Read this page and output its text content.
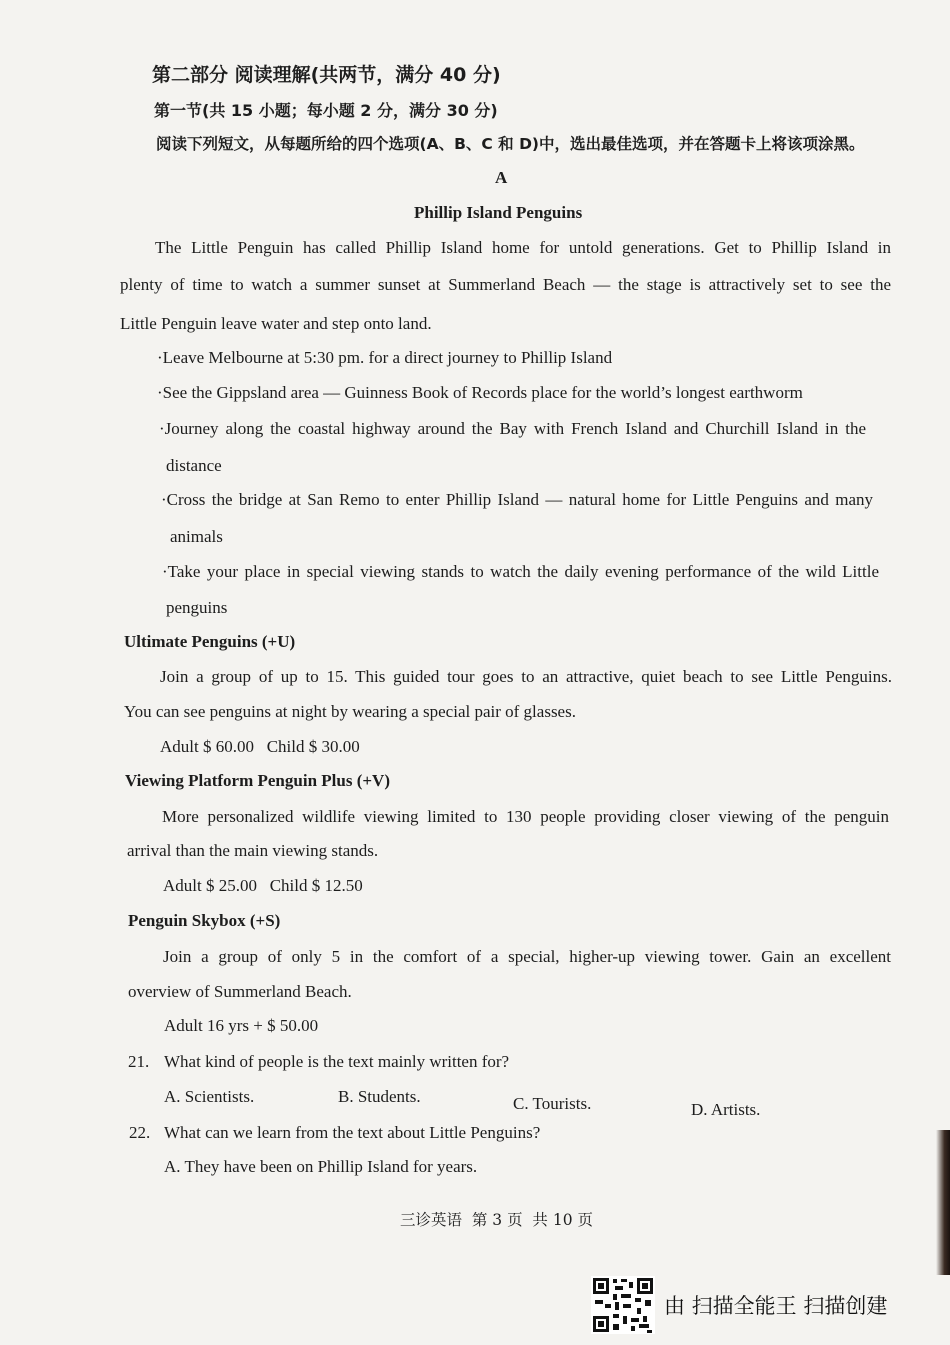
第二部分 阅读理解(共两节，满分 40 分)
第一节(共 15 小题；每小题 2 分，满分 30 分)
阅读下列短文，从每题所给的四个选项(A、B、C 和 D)中，选出最佳选项，并在答题卡上将该项涂黑。
A
Phillip Island Penguins
The Little Penguin has called Phillip Island home for untold generations. Get to Phillip Island in
plenty of time to watch a summer sunset at Summerland Beach — the stage is attractively set to see the
Little Penguin leave water and step onto land.
·Leave Melbourne at 5:30 pm. for a direct journey to Phillip Island
·See the Gippsland area — Guinness Book of Records place for the world’s longest earthworm
·Journey along the coastal highway around the Bay with French Island and Churchill Island in the
distance
·Cross the bridge at San Remo to enter Phillip Island — natural home for Little Penguins and many
animals
·Take your place in special viewing stands to watch the daily evening performance of the wild Little
penguins
Ultimate Penguins (+U)
Join a group of up to 15. This guided tour goes to an attractive, quiet beach to see Little Penguins.
You can see penguins at night by wearing a special pair of glasses.
Adult $ 60.00   Child $ 30.00
Viewing Platform Penguin Plus (+V)
More personalized wildlife viewing limited to 130 people providing closer viewing of the penguin
arrival than the main viewing stands.
Adult $ 25.00   Child $ 12.50
Penguin Skybox (+S)
Join a group of only 5 in the comfort of a special, higher-up viewing tower. Gain an excellent
overview of Summerland Beach.
Adult 16 yrs + $ 50.00
21. What kind of people is the text mainly written for?
A. Scientists.	B. Students.	C. Tourists.	D. Artists.
22. What can we learn from the text about Little Penguins?
A. They have been on Phillip Island for years.
三诊英语  第 3 页  共 10 页
由 扫描全能王 扫描创建
